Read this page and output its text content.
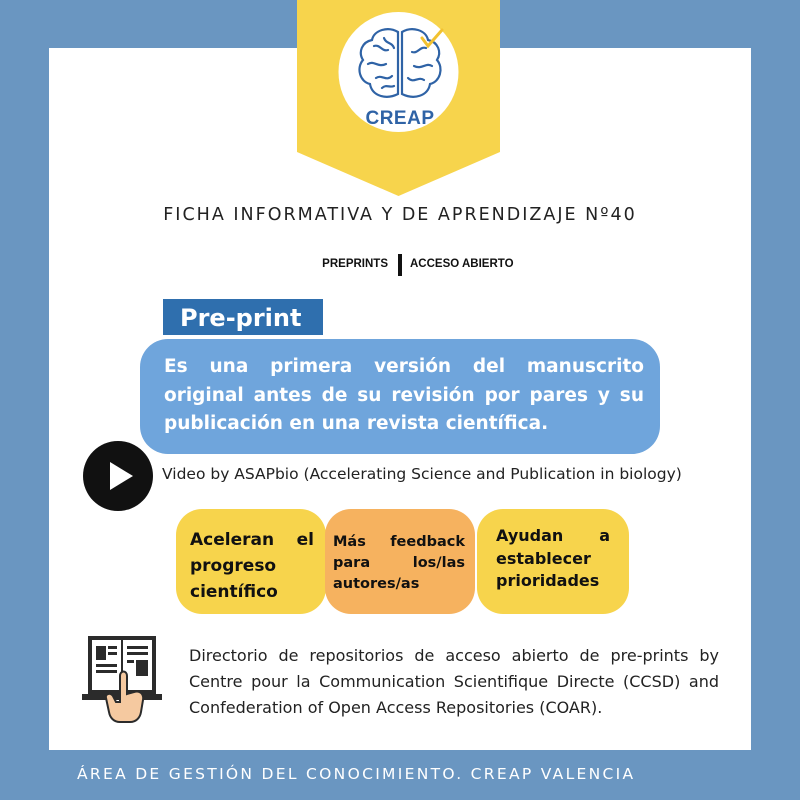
CREAP
FICHA INFORMATIVA Y DE APRENDIZAJE Nº40
PREPRINTS ACCESO ABIERTO

Es una primera versión del manuscrito original antes de su revisión por pares y su publicación en una revista científica.

Pre-print
Video by ASAPbio (Accelerating Science and Publication in biology)

Aceleran el progreso científico

Más feedback para los/las autores/as

Ayudan a establecer prioridades

Directorio de repositorios de acceso abierto de pre-prints by Centre pour la Communication Scientifique Directe (CCSD) and Confederation of Open Access Repositories (COAR).
ÁREA DE GESTIÓN DEL CONOCIMIENTO. CREAP VALENCIA
